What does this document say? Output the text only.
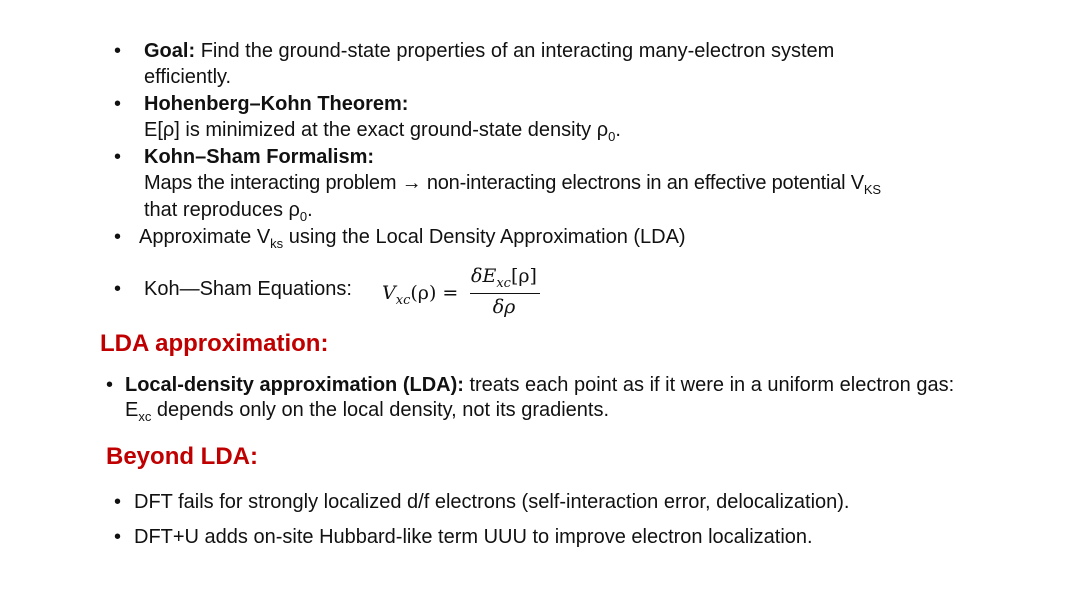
• Goal: Find the ground-state properties of an interacting many-electron system
efficiently.
• Hohenberg–Kohn Theorem:
E[ρ] is minimized at the exact ground-state density $\rho_0$.
• Kohn–Sham Formalism:
Maps the interacting problem → non-interacting electrons in an effective potential $V_{KS}$
that reproduces $\rho_0$.
• Approximate $V_{ks}$ using the Local Density Approximation (LDA)
• Koh—Sham Equations: $V_{xc}(\rho)$ =
$\delta E_{xc}[\rho]$
δρ
LDA approximation:
• Local-density approximation (LDA): treats each point as if it were in a uniform electron gas:
$E_{xc}$ depends only on the local density, not its gradients.
Beyond LDA:
• DFT fails for strongly localized d/f electrons (self-interaction error, delocalization).
• DFT+U adds on-site Hubbard-like term UUU to improve electron localization.
